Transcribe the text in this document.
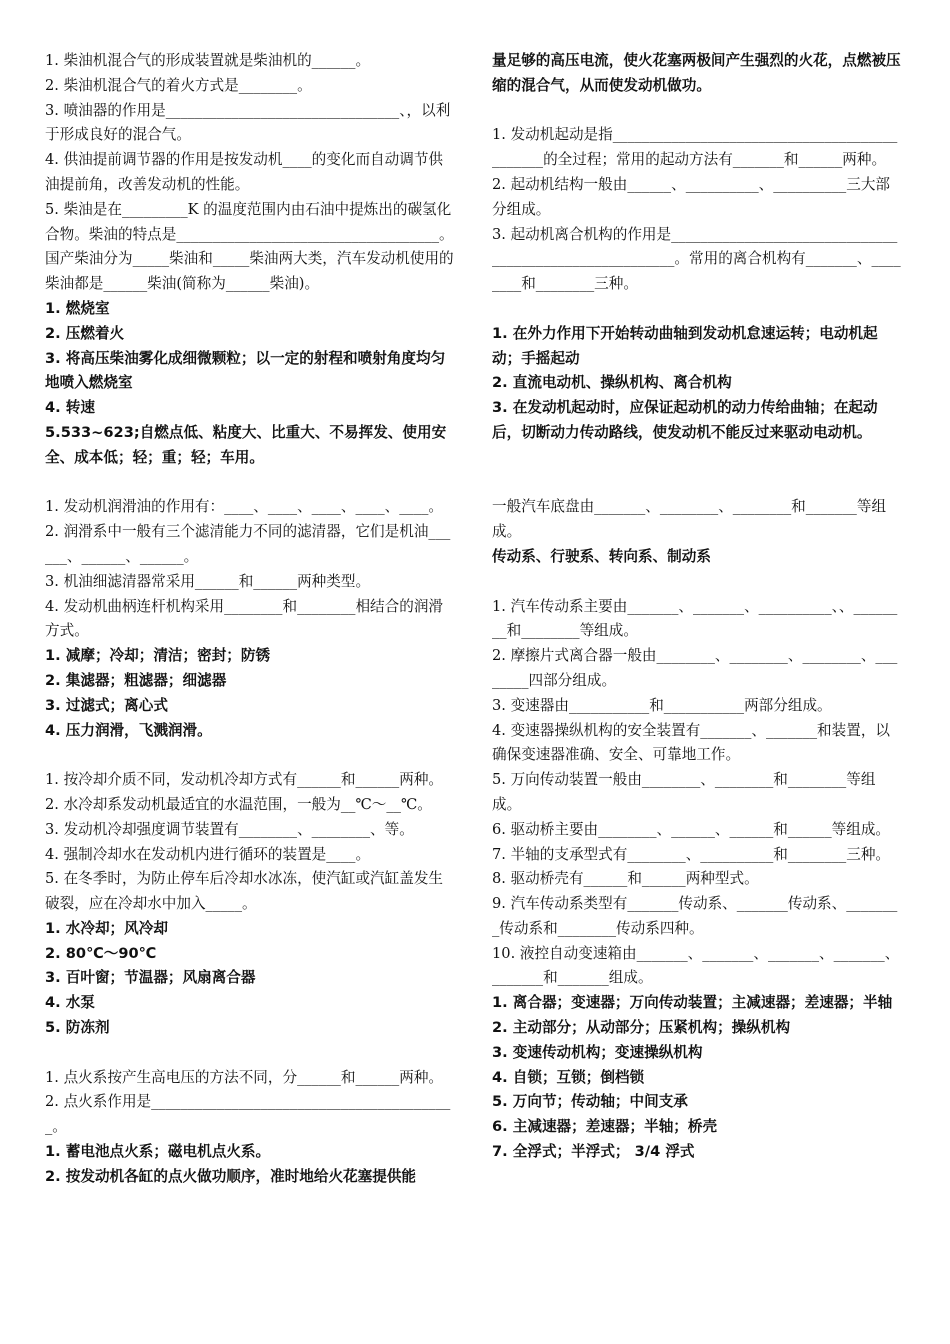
1. 柴油机混合气的形成装置就是柴油机的______。
2. 柴油机混合气的着火方式是________。
3. 喷油器的作用是________________________________、，以利于形成良好的混合气。
4. 供油提前调节器的作用是按发动机____的变化而自动调节供油提前角，改善发动机的性能。
5. 柴油是在_________K 的温度范围内由石油中提炼出的碳氢化合物。柴油的特点是____________________________________。国产柴油分为_____柴油和_____柴油两大类，汽车发动机使用的柴油都是______柴油(简称为______柴油)。
1. 燃烧室
2. 压燃着火
3. 将高压柴油雾化成细微颗粒；以一定的射程和喷射角度均匀地喷入燃烧室
4. 转速
5.533~623;自燃点低、粘度大、比重大、不易挥发、使用安全、成本低；轻；重；轻；车用。
1. 发动机润滑油的作用有：____、____、____、____、____。
2. 润滑系中一般有三个滤清能力不同的滤清器，它们是机油______、______、______。
3. 机油细滤清器常采用______和______两种类型。
4. 发动机曲柄连杆机构采用________和________相结合的润滑方式。
1. 减摩；冷却；清洁；密封；防锈
2. 集滤器；粗滤器；细滤器
3. 过滤式；离心式
4. 压力润滑，飞溅润滑。
1. 按冷却介质不同，发动机冷却方式有______和______两种。
2. 水冷却系发动机最适宜的水温范围，一般为__℃～__℃。
3. 发动机冷却强度调节装置有________、________、等。
4. 强制冷却水在发动机内进行循环的装置是____。
5. 在冬季时，为防止停车后冷却水冰冻，使汽缸或汽缸盖发生破裂，应在冷却水中加入_____。
1. 水冷却；风冷却
2. 80℃～90℃
3. 百叶窗；节温器；风扇离合器
4. 水泵
5. 防冻剂
1. 点火系按产生高电压的方法不同，分______和______两种。
2. 点火系作用是__________________________________________。
1. 蓄电池点火系；磁电机点火系。
2. 按发动机各缸的点火做功顺序，准时地给火花塞提供能
量足够的高压电流，使火花塞两极间产生强烈的火花，点燃被压缩的混合气，从而使发动机做功。
1. 发动机起动是指______________________________________________的全过程；常用的起动方法有_______和______两种。
2. 起动机结构一般由______、__________、__________三大部分组成。
3. 起动机离合机构的作用是________________________________________________________。常用的离合机构有_______、________和________三种。
1. 在外力作用下开始转动曲轴到发动机怠速运转；电动机起动；手摇起动
2. 直流电动机、操纵机构、离合机构
3. 在发动机起动时，应保证起动机的动力传给曲轴；在起动后，切断动力传动路线，使发动机不能反过来驱动电动机。
一般汽车底盘由_______、________、________和_______等组成。
传动系、行驶系、转向系、制动系
1. 汽车传动系主要由_______、_______、__________、、________和________等组成。
2. 摩擦片式离合器一般由________、________、________、________四部分组成。
3. 变速器由___________和___________两部分组成。
4. 变速器操纵机构的安全装置有_______、_______和装置，以确保变速器准确、安全、可靠地工作。
5. 万向传动装置一般由________、________和________等组成。
6. 驱动桥主要由________、______、______和______等组成。
7. 半轴的支承型式有________、__________和________三种。
8. 驱动桥壳有______和______两种型式。
9. 汽车传动系类型有_______传动系、_______传动系、________传动系和________传动系四种。
10. 液控自动变速箱由_______、_______、_______、_______、_______和_______组成。
1. 离合器；变速器；万向传动装置；主减速器；差速器；半轴
2. 主动部分；从动部分；压紧机构；操纵机构
3. 变速传动机构；变速操纵机构
4. 自锁；互锁；倒档锁
5. 万向节；传动轴；中间支承
6. 主减速器；差速器；半轴；桥壳
7. 全浮式；半浮式； 3/4 浮式
